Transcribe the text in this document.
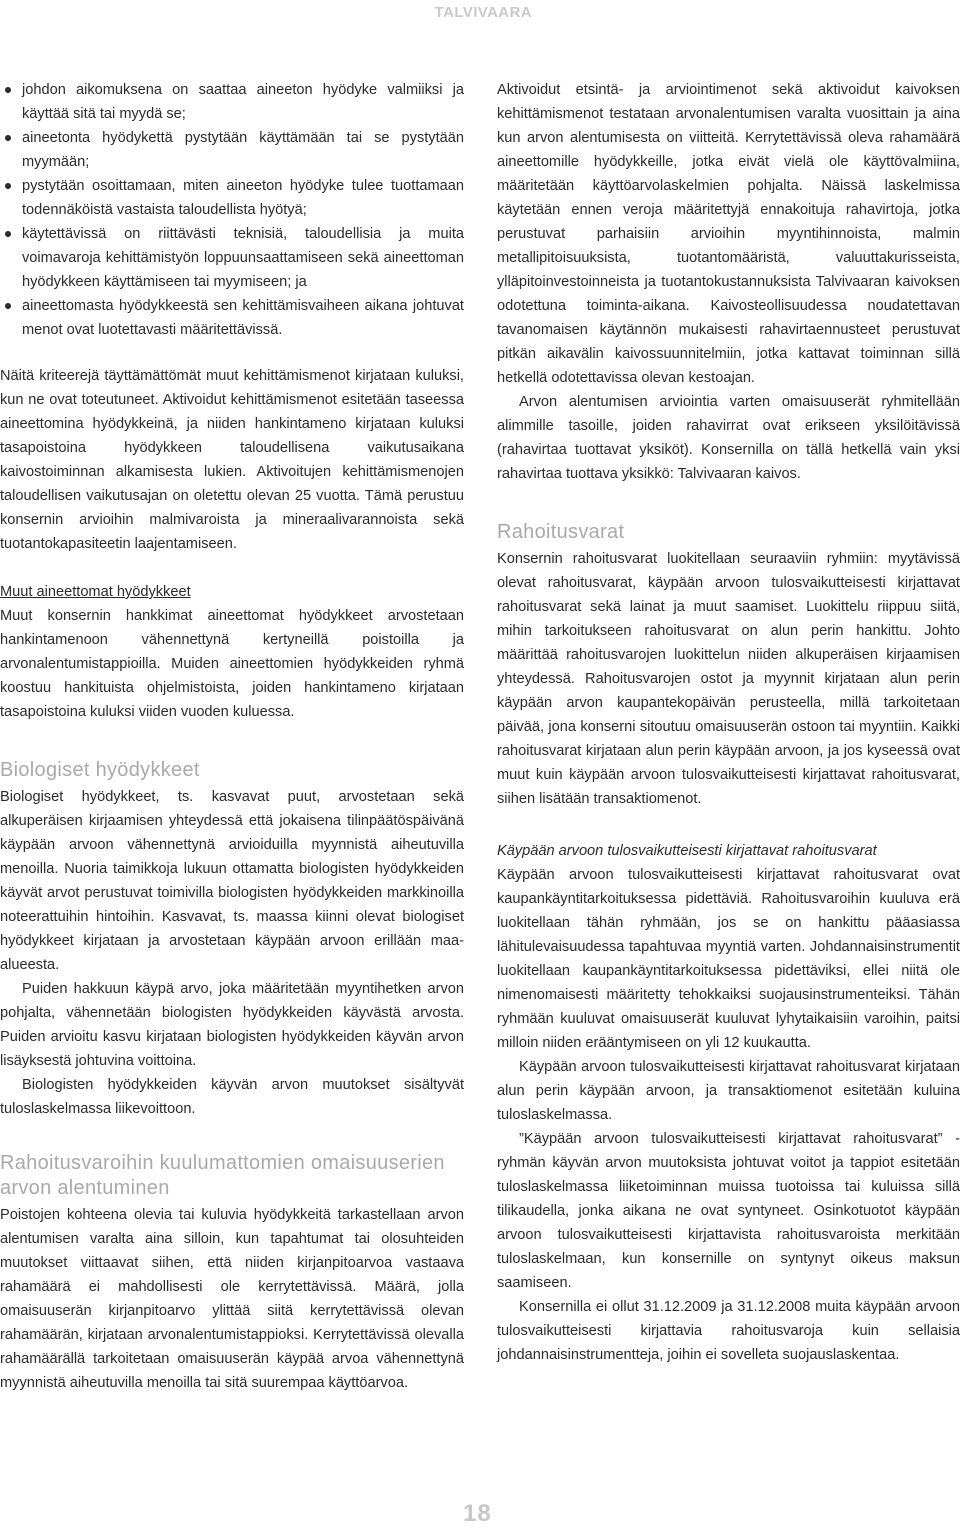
TALVIVAARA
johdon aikomuksena on saattaa aineeton hyödyke valmiiksi ja käyttää sitä tai myydä se;
aineetonta hyödykettä pystytään käyttämään tai se pystytään myymään;
pystytään osoittamaan, miten aineeton hyödyke tulee tuottamaan todennäköistä vastaista taloudellista hyötyä;
käytettävissä on riittävästi teknisiä, taloudellisia ja muita voimavaroja kehittämistyön loppuunsaattamiseen sekä aineettoman hyödykkeen käyttämiseen tai myymiseen; ja
aineettomasta hyödykkeestä sen kehittämisvaiheen aikana johtuvat menot ovat luotettavasti määritettävissä.

Näitä kriteerejä täyttämättömät muut kehittämismenot kirjataan kuluksi, kun ne ovat toteutuneet. Aktivoidut kehittämismenot esitetään taseessa aineettomina hyödykkeinä, ja niiden hankintameno kirjataan kuluksi tasapoistoina hyödykkeen taloudellisena vaikutusaikana kaivostoiminnan alkamisesta lukien. Aktivoitujen kehittämismenojen taloudellisen vaikutusajan on oletettu olevan 25 vuotta. Tämä perustuu konsernin arvioihin malmivaroista ja mineraalivarannoista sekä tuotantokapasiteetin laajentamiseen.

Muut aineettomat hyödykkeet

Muut konsernin hankkimat aineettomat hyödykkeet arvostetaan hankintamenoon vähennettynä kertyneillä poistoilla ja arvonalentumistappioilla. Muiden aineettomien hyödykkeiden ryhmä koostuu hankituista ohjelmistoista, joiden hankintameno kirjataan tasapoistoina kuluksi viiden vuoden kuluessa.

Biologiset hyödykkeet

Biologiset hyödykkeet, ts. kasvavat puut, arvostetaan sekä alkuperäisen kirjaamisen yhteydessä että jokaisena tilinpäätöspäivänä käypään arvoon vähennettynä arvioiduilla myynnistä aiheutuvilla menoilla. Nuoria taimikkoja lukuun ottamatta biologisten hyödykkeiden käyvät arvot perustuvat toimivilla biologisten hyödykkeiden markkinoilla noteerattuihin hintoihin. Kasvavat, ts. maassa kiinni olevat biologiset hyödykkeet kirjataan ja arvostetaan käypään arvoon erillään maa-alueesta.

Puiden hakkuun käypä arvo, joka määritetään myyntihetken arvon pohjalta, vähennetään biologisten hyödykkeiden käyvästä arvosta. Puiden arvioitu kasvu kirjataan biologisten hyödykkeiden käyvän arvon lisäyksestä johtuvina voittoina.

Biologisten hyödykkeiden käyvän arvon muutokset sisältyvät tuloslaskelmassa liikevoittoon.

Rahoitusvaroihin kuulumattomien omaisuuserien arvon alentuminen

Poistojen kohteena olevia tai kuluvia hyödykkeitä tarkastellaan arvon alentumisen varalta aina silloin, kun tapahtumat tai olosuhteiden muutokset viittaavat siihen, että niiden kirjanpitoarvoa vastaava rahamäärä ei mahdollisesti ole kerrytettävissä. Määrä, jolla omaisuuserän kirjanpitoarvo ylittää siitä kerrytettävissä olevan rahamäärän, kirjataan arvonalentumistappioksi. Kerrytettävissä olevalla rahamäärällä tarkoitetaan omaisuuserän käypää arvoa vähennettynä myynnistä aiheutuvilla menoilla tai sitä suurempaa käyttöarvoa.

Aktivoidut etsintä- ja arviointimenot sekä aktivoidut kaivoksen kehittämismenot testataan arvonalentumisen varalta vuosittain ja aina kun arvon alentumisesta on viitteitä. Kerrytettävissä oleva rahamäärä aineettomille hyödykkeille, jotka eivät vielä ole käyttövalmiina, määritetään käyttöarvolaskelmien pohjalta. Näissä laskelmissa käytetään ennen veroja määritettyjä ennakoituja rahavirtoja, jotka perustuvat parhaisiin arvioihin myyntihinnoista, malmin metallipitoisuuksista, tuotantomääristä, valuuttakurisseista, ylläpitoinvestoinneista ja tuotantokustannuksista Talvivaaran kaivoksen odotettuna toiminta-aikana. Kaivosteollisuudessa noudatettavan tavanomaisen käytännön mukaisesti rahavirtaennusteet perustuvat pitkän aikavälin kaivossuunnitelmiin, jotka kattavat toiminnan sillä hetkellä odotettavissa olevan kestoajan.

Arvon alentumisen arviointia varten omaisuuserät ryhmitellään alimmille tasoille, joiden rahavirrat ovat erikseen yksilöitävissä (rahavirtaa tuottavat yksiköt). Konsernilla on tällä hetkellä vain yksi rahavirtaa tuottava yksikkö: Talvivaaran kaivos.

Rahoitusvarat

Konsernin rahoitusvarat luokitellaan seuraaviin ryhmiin: myytävissä olevat rahoitusvarat, käypään arvoon tulosvaikutteisesti kirjattavat rahoitusvarat sekä lainat ja muut saamiset. Luokittelu riippuu siitä, mihin tarkoitukseen rahoitusvarat on alun perin hankittu. Johto määrittää rahoitusvarojen luokittelun niiden alkuperäisen kirjaamisen yhteydessä. Rahoitusvarojen ostot ja myynnit kirjataan alun perin käypään arvon kaupantekopäivän perusteella, millä tarkoitetaan päivää, jona konserni sitoutuu omaisuuserän ostoon tai myyntiin. Kaikki rahoitusvarat kirjataan alun perin käypään arvoon, ja jos kyseessä ovat muut kuin käypään arvoon tulosvaikutteisesti kirjattavat rahoitusvarat, siihen lisätään transaktiomenot.

Käypään arvoon tulosvaikutteisesti kirjattavat rahoitusvarat

Käypään arvoon tulosvaikutteisesti kirjattavat rahoitusvarat ovat kaupankäyntitarkoituksessa pidettäviä. Rahoitusvaroihin kuuluva erä luokitellaan tähän ryhmään, jos se on hankittu pääasiassa lähitulevaisuudessa tapahtuvaa myyntiä varten. Johdannaisinstrumentit luokitellaan kaupankäyntitarkoituksessa pidettäviksi, ellei niitä ole nimenomaisesti määritetty tehokkaiksi suojausinstrumenteiksi. Tähän ryhmään kuuluvat omaisuuserät kuuluvat lyhytaikaisiin varoihin, paitsi milloin niiden erääntymiseen on yli 12 kuukautta.

Käypään arvoon tulosvaikutteisesti kirjattavat rahoitusvarat kirjataan alun perin käypään arvoon, ja transaktiomenot esitetään kuluina tuloslaskelmassa.

”Käypään arvoon tulosvaikutteisesti kirjattavat rahoitusvarat” -ryhmän käyvän arvon muutoksista johtuvat voitot ja tappiot esitetään tuloslaskelmassa liiketoiminnan muissa tuotoissa tai kuluissa sillä tilikaudella, jonka aikana ne ovat syntyneet. Osinkotuotot käypään arvoon tulosvaikutteisesti kirjattavista rahoitusvaroista merkitään tuloslaskelmaan, kun konsernille on syntynyt oikeus maksun saamiseen.

Konsernilla ei ollut 31.12.2009 ja 31.12.2008 muita käypään arvoon tulosvaikutteisesti kirjattavia rahoitusvaroja kuin sellaisia johdannaisinstrumentteja, joihin ei sovelleta suojauslaskentaa.

18
